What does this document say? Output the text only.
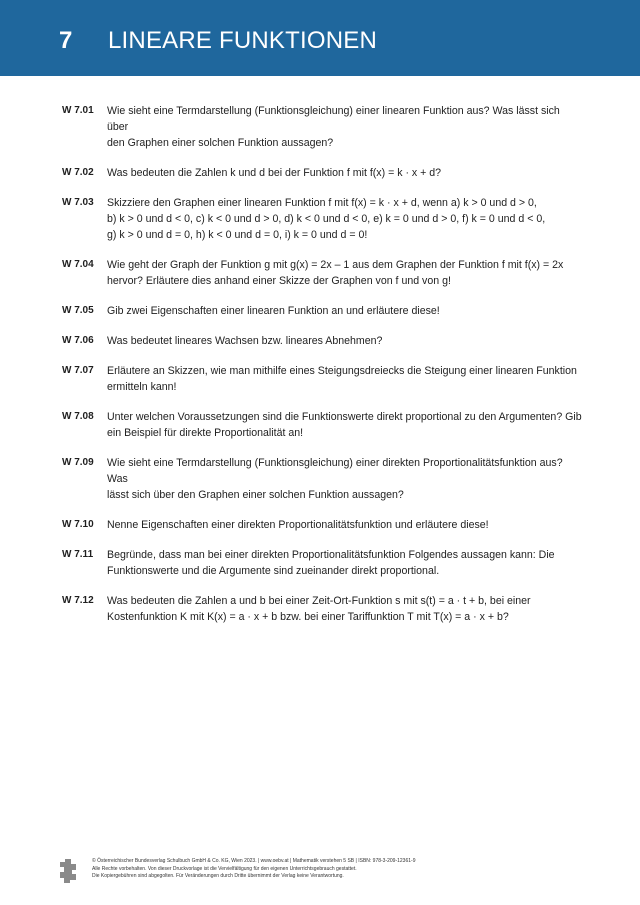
7 LINEARE FUNKTIONEN
W 7.01	Wie sieht eine Termdarstellung (Funktionsgleichung) einer linearen Funktion aus? Was lässt sich über
den Graphen einer solchen Funktion aussagen?
W 7.02	Was bedeuten die Zahlen k und d bei der Funktion f mit f(x) = k · x + d?
W 7.03	Skizziere den Graphen einer linearen Funktion f mit f(x) = k · x + d, wenn a) k > 0 und d > 0,
b) k > 0 und d < 0, c) k < 0 und d > 0, d) k < 0 und d < 0, e) k = 0 und d > 0, f) k = 0 und d < 0,
g) k > 0 und d = 0, h) k < 0 und d = 0, i) k = 0 und d = 0!
W 7.04	Wie geht der Graph der Funktion g mit g(x) = 2x – 1 aus dem Graphen der Funktion f mit f(x) = 2x
hervor? Erläutere dies anhand einer Skizze der Graphen von f und von g!
W 7.05	Gib zwei Eigenschaften einer linearen Funktion an und erläutere diese!
W 7.06	Was bedeutet lineares Wachsen bzw. lineares Abnehmen?
W 7.07	Erläutere an Skizzen, wie man mithilfe eines Steigungsdreiecks die Steigung einer linearen Funktion
ermitteln kann!
W 7.08	Unter welchen Voraussetzungen sind die Funktionswerte direkt proportional zu den Argumenten? Gib
ein Beispiel für direkte Proportionalität an!
W 7.09	Wie sieht eine Termdarstellung (Funktionsgleichung) einer direkten Proportionalitätsfunktion aus? Was
lässt sich über den Graphen einer solchen Funktion aussagen?
W 7.10	Nenne Eigenschaften einer direkten Proportionalitätsfunktion und erläutere diese!
W 7.11	Begründe, dass man bei einer direkten Proportionalitätsfunktion Folgendes aussagen kann: Die
Funktionswerte und die Argumente sind zueinander direkt proportional.
W 7.12	Was bedeuten die Zahlen a und b bei einer Zeit-Ort-Funktion s mit s(t) = a · t + b, bei einer
Kostenfunktion K mit K(x) = a · x + b bzw. bei einer Tariffunktion T mit T(x) = a · x + b?
© Österreichischer Bundesverlag Schulbuch GmbH & Co. KG, Wien 2023. | www.oebv.at | Mathematik verstehen 5 SB | ISBN: 978-3-209-12361-9
Alle Rechte vorbehalten. Von dieser Druckvorlage ist die Vervielfältigung für den eigenen Unterrichtsgebrauch gestattet.
Die Kopiergebühren sind abgegolten. Für Veränderungen durch Dritte übernimmt der Verlag keine Verantwortung.
